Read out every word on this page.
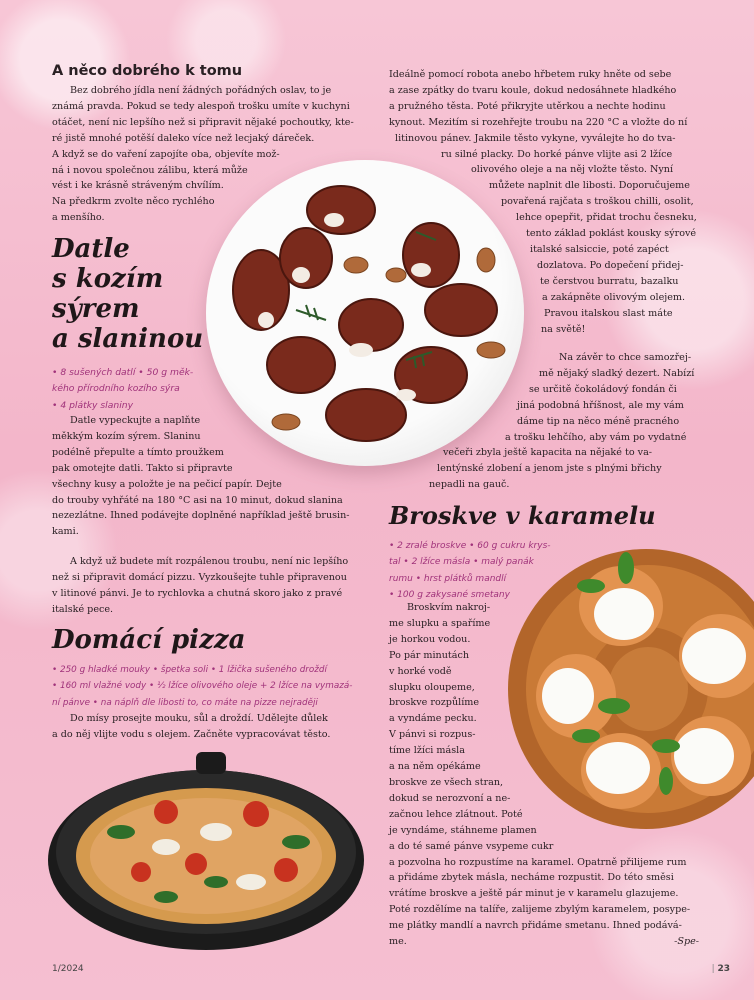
A něco dobrého k tomu

Bez dobrého jídla není žádných pořádných oslav, to je

známá pravda. Pokud se tedy alespoň trošku umíte v kuchyni

otáčet, není nic lepšího než si připravit nějaké pochoutky, kte-

ré jistě mnohé potěší daleko více než lecjaký dáreček.

A když se do vaření zapojíte oba, objevíte mož-

ná i novou společnou zálibu, která může

vést i ke krásně stráveným chvílím.

Na předkrm zvolte něco rychlého

a menšího.

Datle
s kozím
sýrem
a slaninou
• 8 sušených datlí • 50 g měk-
kého přírodního kozího sýra
• 4 plátky slaniny

Datle vypeckujte a naplňte

měkkým kozím sýrem. Slaninu

podélně přepulte a tímto proužkem

pak omotejte datli. Takto si připravte

všechny kusy a položte je na pečicí papír. Dejte

do trouby vyhřáté na 180 °C asi na 10 minut, dokud slanina

nezezlátne. Ihned podávejte doplněné například ještě brusin-

kami.

A když už budete mít rozpálenou troubu, není nic lepšího

než si připravit domácí pizzu. Vyzkoušejte tuhle připravenou

v litinové pánvi. Je to rychlovka a chutná skoro jako z pravé

italské pece.

Domácí pizza
• 250 g hladké mouky • špetka soli • 1 lžička sušeného droždí
• 160 ml vlažné vody • ½ lžíce olivového oleje + 2 lžíce na vymazá-
ní pánve • na náplň dle libosti to, co máte na pizze nejraději

Do mísy prosejte mouku, sůl a droždí. Udělejte důlek

a do něj vlijte vodu s olejem. Začněte vypracovávat těsto.

Ideálně pomocí robota anebo hřbetem ruky hněte od sebe

a zase zpátky do tvaru koule, dokud nedosáhnete hladkého

a pružného těsta. Poté přikryjte utěrkou a nechte hodinu

kynout. Mezitím si rozehřejte troubu na 220 °C a vložte do ní

litinovou pánev. Jakmile těsto vykyne, vyválejte ho do tva-

ru silné placky. Do horké pánve vlijte asi 2 lžíce

olivového oleje a na něj vložte těsto. Nyní

můžete naplnit dle libosti. Doporučujeme

povařená rajčata s troškou chilli, osolit,

lehce opepřit, přidat trochu česneku,

tento základ poklást kousky sýrové

italské salsiccie, poté zapéct

dozlatova. Po dopečení přidej-

te čerstvou burratu, bazalku

a zakápněte olivovým olejem.

Pravou italskou slast máte

na světě!

Na závěr to chce samozřej-

mě nějaký sladký dezert. Nabízí

se určitě čokoládový fondán či

jiná podobná hříšnost, ale my vám

dáme tip na něco méně pracného

a trošku lehčího, aby vám po vydatné

večeři zbyla ještě kapacita na nějaké to va-

lentýnské zlobení a jenom jste s plnými břichy

nepadli na gauč.

Broskve v karamelu
• 2 zralé broskve • 60 g cukru krys-
tal • 2 lžíce másla • malý panák
rumu • hrst plátků mandlí
• 100 g zakysané smetany

Broskvím nakroj-

me slupku a spaříme

je horkou vodou.

Po pár minutách

v horké vodě

slupku oloupeme,

broskve rozpůlíme

a vyndáme pecku.

V pánvi si rozpus-

tíme lžíci másla

a na něm opékáme

broskve ze všech stran,

dokud se nerozvoní a ne-

začnou lehce zlátnout. Poté

je vyndáme, stáhneme plamen

a do té samé pánve vsypeme cukr

a pozvolna ho rozpustíme na karamel. Opatrně přilijeme rum

a přidáme zbytek másla, necháme rozpustit. Do této směsi

vrátíme broskve a ještě pár minut je v karamelu glazujeme.

Poté rozdělíme na talíře, zalijeme zbylým karamelem, posypе-

me plátky mandlí a navrch přidáme smetanu. Ihned podává-

me.	-Spe-

1/2024	| 23
